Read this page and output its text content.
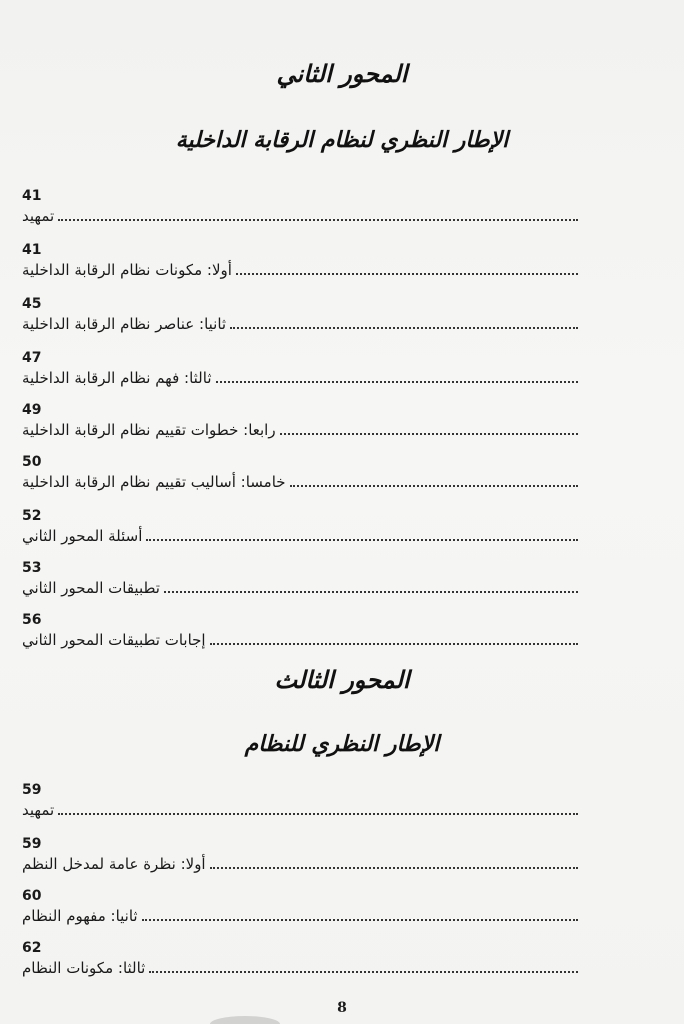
المحور الثاني
الإطار النظري لنظام الرقابة الداخلية
تمهيد
41
أولا: مكونات نظام الرقابة الداخلية
41
ثانيا: عناصر نظام الرقابة الداخلية
45
ثالثا: فهم نظام الرقابة الداخلية
47
رابعا: خطوات تقييم نظام الرقابة الداخلية
49
خامسا: أساليب تقييم نظام الرقابة الداخلية
50
أسئلة المحور الثاني
52
تطبيقات المحور الثاني
53
إجابات تطبيقات المحور الثاني
56
المحور الثالث
الإطار النظري للنظام
تمهيد
59
أولا: نظرة عامة لمدخل النظم
59
ثانيا: مفهوم النظام
60
ثالثا: مكونات النظام
62
8
